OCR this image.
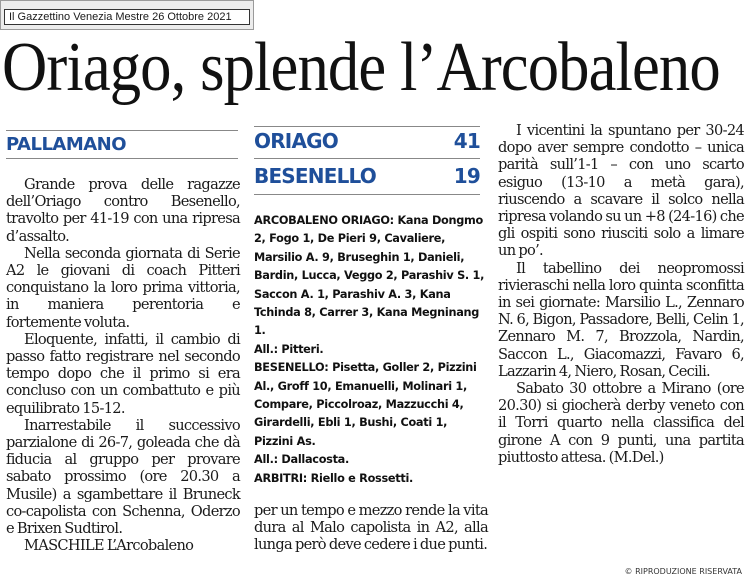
Il Gazzettino Venezia Mestre 26 Ottobre 2021
Oriago, splende l’Arcobaleno
PALLAMANO

Grande prova delle ragazze dell’Oriago contro Besenello, travolto per 41-19 con una ripresa d’assalto.

Nella seconda giornata di Serie A2 le giovani di coach Pitteri conquistano la loro prima vittoria, in maniera perentoria e fortemente voluta.

Eloquente, infatti, il cambio di passo fatto registrare nel secondo tempo dopo che il primo si era concluso con un combattuto e più equilibrato 15-12.

Inarrestabile il successivo parzialone di 26-7, goleada che dà fiducia al gruppo per provare sabato prossimo (ore 20.30 a Musile) a sgambettare il Bruneck co-capolista con Schenna, Oderzo e Brixen Sudtirol.

MASCHILE L’Arcobaleno

ORIAGO	41
BESENELLO	19

ARCOBALENO ORIAGO: Kana Dongmo 2, Fogo 1, De Pieri 9, Cavaliere, Marsilio A. 9, Bruseghin 1, Danieli, Bardin, Lucca, Veggo 2, Parashiv S. 1, Saccon A. 1, Parashiv A. 3, Kana Tchinda 8, Carrer 3, Kana Megninang 1.

All.: Pitteri.

BESENELLO: Pisetta, Goller 2, Pizzini Al., Groff 10, Emanuelli, Molinari 1, Compare, Piccolroaz, Mazzucchi 4, Girardelli, Ebli 1, Bushi, Coati 1, Pizzini As.

All.: Dallacosta.

ARBITRI: Riello e Rossetti.

per un tempo e mezzo rende la vita dura al Malo capolista in A2, alla lunga però deve cedere i due punti.

I vicentini la spuntano per 30-24 dopo aver sempre condotto – unica parità sull’1-1 – con uno scarto esiguo (13-10 a metà gara), riuscendo a scavare il solco nella ripresa volando su un +8 (24-16) che gli ospiti sono riusciti solo a limare un po’.

Il tabellino dei neopromossi rivieraschi nella loro quinta sconfitta in sei giornate: Marsilio L., Zennaro N. 6, Bigon, Passadore, Belli, Celin 1, Zennaro M. 7, Brozzola, Nardin, Saccon L., Giacomazzi, Favaro 6, Lazzarin 4, Niero, Rosan, Cecili.

Sabato 30 ottobre a Mirano (ore 20.30) si giocherà derby veneto con il Torri quarto nella classifica del girone A con 9 punti, una partita piuttosto attesa. (M.Del.)

© RIPRODUZIONE RISERVATA
